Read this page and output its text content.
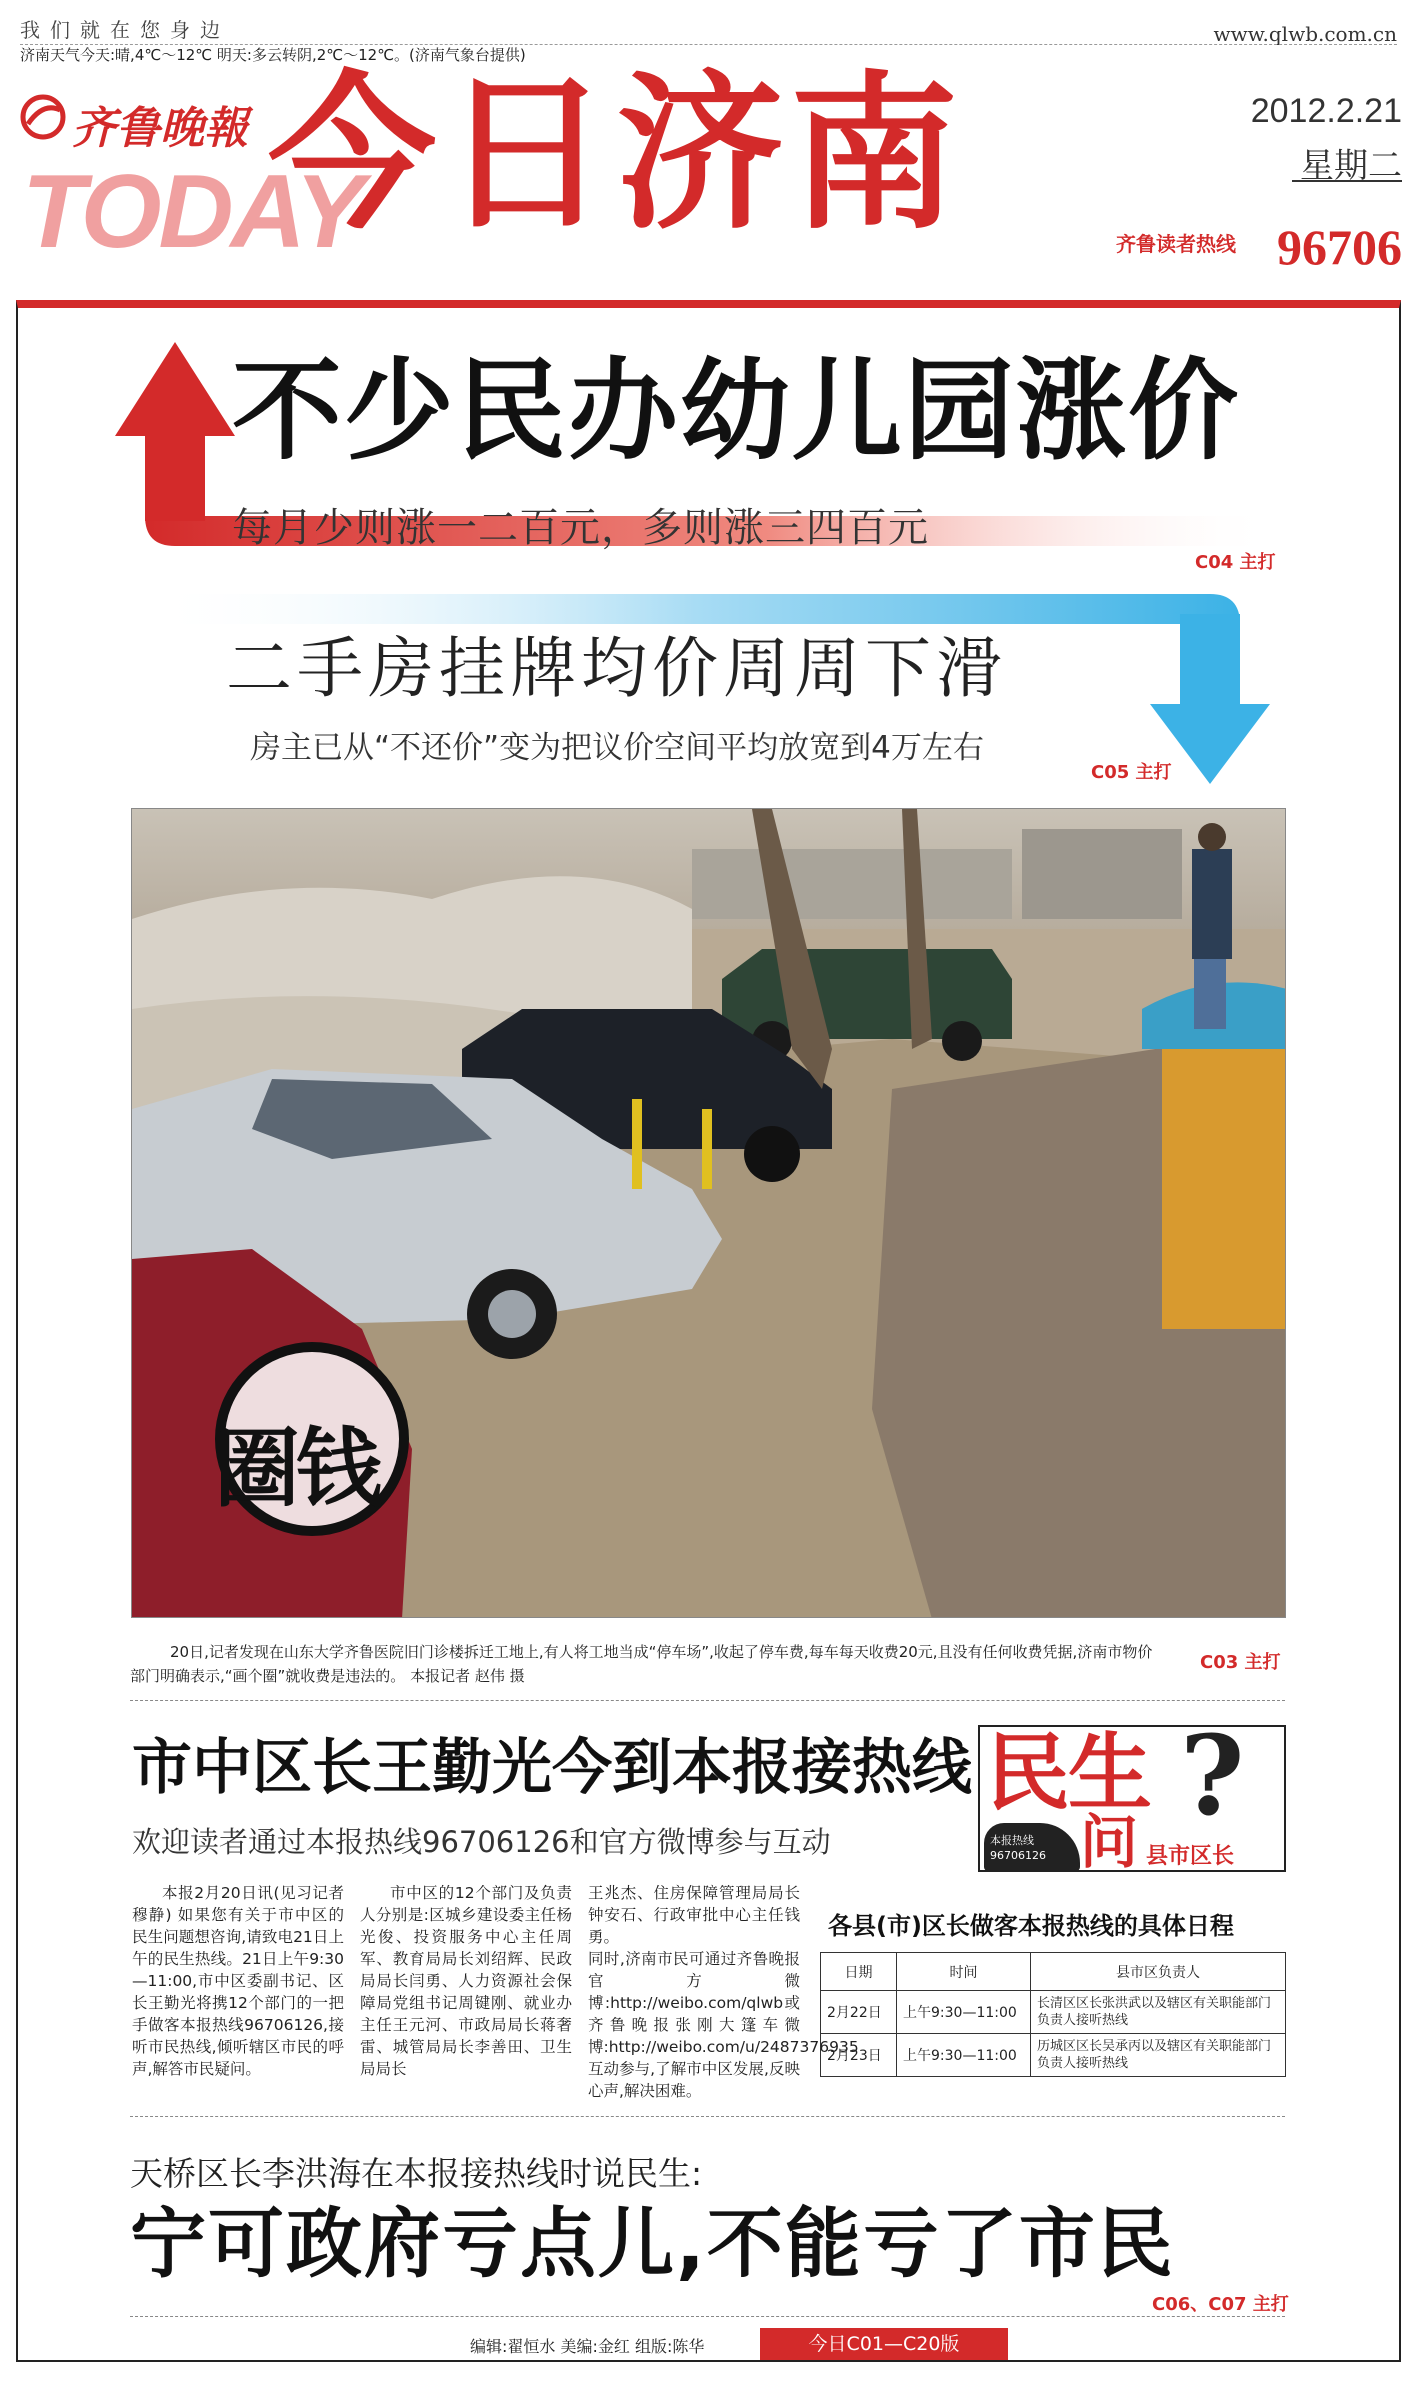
我们就在您身边	www.qlwb.com.cn
济南天气今天:晴,4℃～12℃ 明天:多云转阴,2℃～12℃。(济南气象台提供)
齐鲁晚報
TODAY
今日济南	2012.2.21
星期二
齐鲁读者热线 96706
不少民办幼儿园涨价
每月少则涨一二百元，多则涨三四百元
C04 主打
二手房挂牌均价周周下滑
房主已从“不还价”变为把议价空间平均放宽到4万左右
C05 主打
圈钱
20日,记者发现在山东大学齐鲁医院旧门诊楼拆迁工地上,有人将工地当成“停车场”,收起了停车费,每车每天收费20元,且没有任何收费凭据,济南市物价部门明确表示,“画个圈”就收费是违法的。 本报记者 赵伟 摄
C03 主打
市中区长王勤光今到本报接热线
欢迎读者通过本报热线96706126和官方微博参与互动
民生 ?
本报热线
96706126 问 县市区长
本报2月20日讯(见习记者 穆静) 如果您有关于市中区的民生问题想咨询,请致电21日上午的民生热线。21日上午9:30—11:00,市中区委副书记、区长王勤光将携12个部门的一把手做客本报热线96706126,接听市民热线,倾听辖区市民的呼声,解答市民疑问。
市中区的12个部门及负责人分别是:区城乡建设委主任杨光俊、投资服务中心主任周军、教育局局长刘绍辉、民政局局长闫勇、人力资源社会保障局党组书记周键刚、就业办主任王元河、市政局局长蒋奢雷、城管局局长李善田、卫生局局长
王兆杰、住房保障管理局局长钟安石、行政审批中心主任钱勇。
同时,济南市民可通过齐鲁晚报官方微博:http://weibo.com/qlwb或齐鲁晚报张刚大篷车微博:http://weibo.com/u/2487376935互动参与,了解市中区发展,反映心声,解决困难。
各县(市)区长做客本报热线的具体日程
日期	时间	县市区负责人
2月22日	上午9:30—11:00	长清区区长张洪武以及辖区有关职能部门负责人接听热线
2月23日	上午9:30—11:00	历城区区长吴承丙以及辖区有关职能部门负责人接听热线
天桥区长李洪海在本报接热线时说民生:
宁可政府亏点儿,不能亏了市民
C06、C07 主打
编辑:翟恒水 美编:金红 组版:陈华	今日C01—C20版
